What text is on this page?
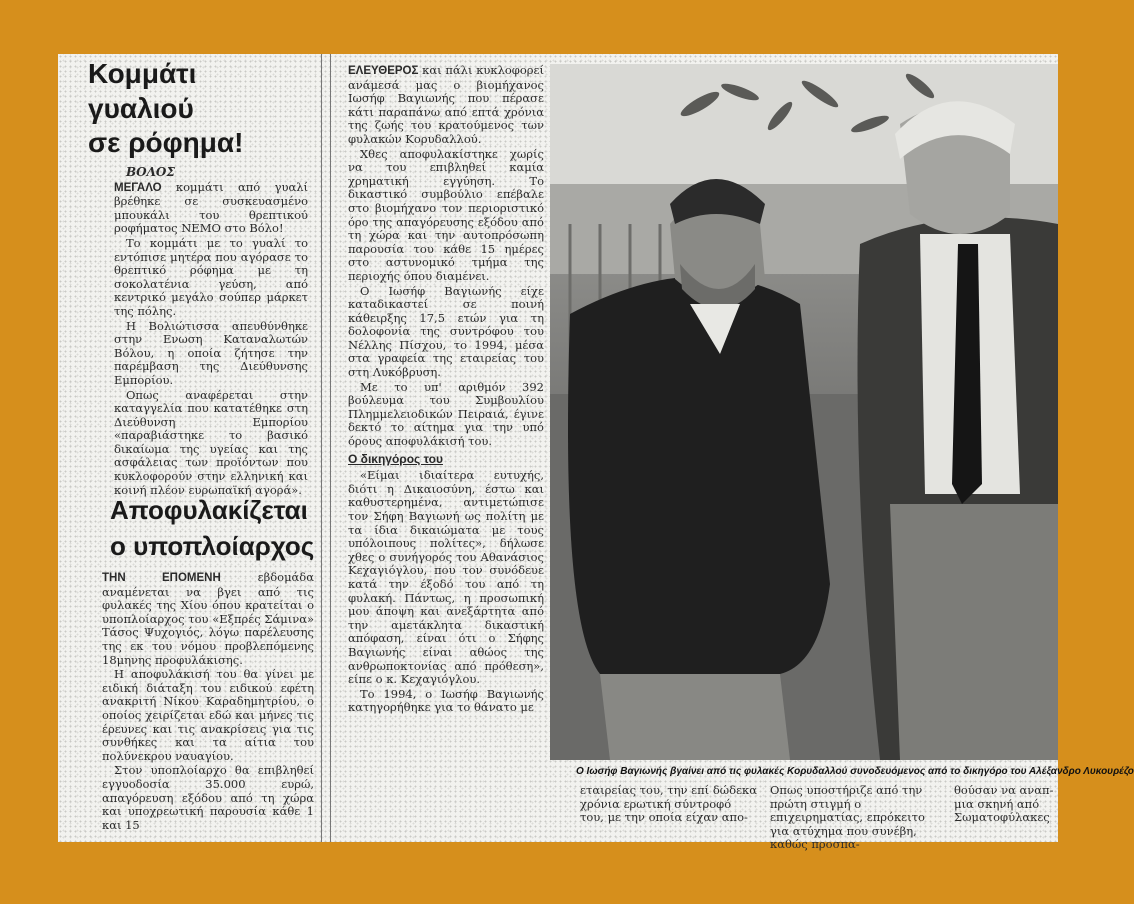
Κομμάτι
γυαλιού
σε ρόφημα!

ΒΟΛΟΣ

ΜΕΓΑΛΟ κομμάτι από γυαλί βρέθηκε σε συσκευασμένο μπουκάλι του θρεπτικού ροφήματος ΝΕΜΟ στο Βόλο!

Το κομμάτι με το γυαλί το εντόπισε μητέρα που αγόρασε το θρεπτικό ρόφημα με τη σοκολατένια γεύση, από κεντρικό μεγάλο σούπερ μάρκετ της πόλης.

Η Βολιώτισσα απευθύνθηκε στην Ενωση Καταναλωτών Βόλου, η οποία ζήτησε την παρέμβαση της Διεύθυνσης Εμπορίου.

Οπως αναφέρεται στην καταγγελία που κατατέθηκε στη Διεύθυνση Εμπορίου «παραβιάστηκε το βασικό δικαίωμα της υγείας και της ασφάλειας των προϊόντων που κυκλοφορούν στην ελληνική και κοινή πλέον ευρωπαϊκή αγορά».

Αποφυλακίζεται
ο υποπλοίαρχος

ΤΗΝ ΕΠΟΜΕΝΗ	εβδομάδα αναμένεται να βγει από τις φυλακές της Χίου όπου κρατείται ο υποπλοίαρχος του «Εξπρές Σάμινα» Τάσος Ψυχογιός, λόγω παρέλευσης της εκ του νόμου προβλεπόμενης 18μηνης προφυλάκισης.

Η αποφυλάκισή του θα γίνει με ειδική διάταξη του ειδικού εφέτη ανακριτή Νίκου Καραδημητρίου, ο οποίος χειρίζεται εδώ και μήνες τις έρευνες και τις ανακρίσεις για τις συνθήκες και τα αίτια του πολύνεκρου ναυαγίου.

Στον υποπλοίαρχο θα επιβληθεί εγγυοδοσία 35.000 ευρώ, απαγόρευση εξόδου από τη χώρα και υποχρεωτική παρουσία κάθε 1 και 15

ΕΛΕΥΘΕΡΟΣ και πάλι κυκλοφορεί ανάμεσά μας ο βιομήχανος Ιωσήφ Βαγιωνής που πέρασε κάτι παραπάνω από επτά χρόνια της ζωής του κρατούμενος των φυλακών Κορυδαλλού.

Χθες αποφυλακίστηκε χωρίς να του επιβληθεί καμία χρηματική εγγύηση. Το δικαστικό συμβούλιο επέβαλε στο βιομήχανο τον περιοριστικό όρο της απαγόρευσης εξόδου από τη χώρα και την αυτοπρόσωπη παρουσία του κάθε 15 ημέρες στο αστυνομικό τμήμα της περιοχής όπου διαμένει.

Ο Ιωσήφ Βαγιωνής είχε καταδικαστεί σε ποινή κάθειρξης 17,5 ετών για τη δολοφονία της συντρόφου του Νέλλης Πίσχου, το 1994, μέσα στα γραφεία της εταιρείας του στη Λυκόβρυση.

Με το υπ' αριθμόν 392 βούλευμα του Συμβουλίου Πλημμελειοδικών Πειραιά, έγινε δεκτό το αίτημα για την υπό όρους αποφυλάκισή του.

Ο δικηγόρος του

«Είμαι ιδιαίτερα ευτυχής, διότι η Δικαιοσύνη, έστω και καθυστερημένα, αντιμετώπισε τον Σήφη Βαγιωνή ως πολίτη με τα ίδια δικαιώματα με τους υπόλοιπους πολίτες», δήλωσε χθες ο συνήγορός του Αθανάσιος Κεχαγιόγλου, που τον συνόδευε κατά την έξοδό του από τη φυλακή. Πάντως, η προσωπική μου άποψη και ανεξάρτητα από την αμετάκλητα δικαστική απόφαση, είναι ότι ο Σήφης Βαγιωνής είναι αθώος της ανθρωποκτονίας από πρόθεση», είπε ο κ. Κεχαγιόγλου.

Το 1994, ο Ιωσήφ Βαγιωνής κατηγορήθηκε για το θάνατο με

Ο Ιωσήφ Βαγιωνής βγαίνει από τις φυλακές Κορυδαλλού συνοδευόμενος από το δικηγόρο του Αλέξανδρο Λυκουρέζο

εταιρείας του, την επί δώδεκα χρόνια ερωτική σύντροφό του, με την οποία είχαν απο-

Οπως υποστήριζε από την πρώτη στιγμή ο επιχειρηματίας, επρόκειτο για ατύχημα που συνέβη, καθώς προσπα-

θούσαν να αναπ- μια σκηνή από Σωματοφύλακες
